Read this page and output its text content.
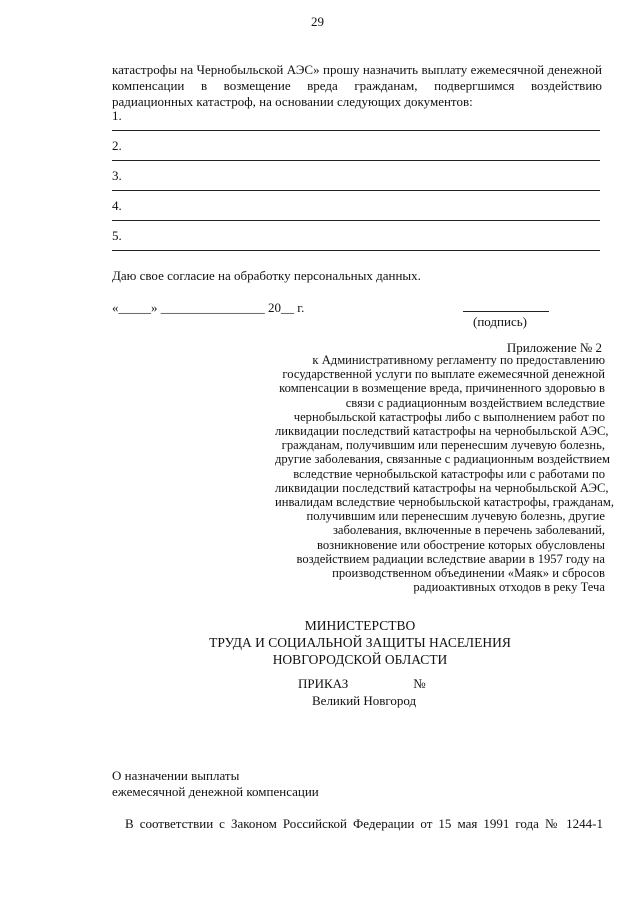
29
катастрофы на Чернобыльской АЭС» прошу назначить выплату ежемесячной денежной
компенсации в возмещение вреда гражданам, подвергшимся воздействию
радиационных катастроф, на основании следующих документов:
1.
2.
3.
4.
5.
Даю свое согласие на обработку персональных данных.
«_____» ________________ 20__ г.
(подпись)
Приложение № 2
к Административному регламенту по предоставлению
государственной услуги по выплате ежемесячной денежной
компенсации в возмещение вреда, причиненного здоровью в
связи с радиационным воздействием вследствие
чернобыльской катастрофы либо с выполнением работ по
ликвидации последствий катастрофы на чернобыльской АЭС,
гражданам, получившим или перенесшим лучевую болезнь,
другие заболевания, связанные с радиационным воздействием
вследствие чернобыльской катастрофы или с работами по
ликвидации последствий катастрофы на чернобыльской АЭС,
инвалидам вследствие чернобыльской катастрофы, гражданам,
получившим или перенесшим лучевую болезнь, другие
заболевания, включенные в перечень заболеваний,
возникновение или обострение которых обусловлены
воздействием радиации вследствие аварии в 1957 году на
производственном объединении «Маяк» и сбросов
радиоактивных отходов в реку Теча
МИНИСТЕРСТВО
ТРУДА И СОЦИАЛЬНОЙ ЗАЩИТЫ НАСЕЛЕНИЯ
НОВГОРОДСКОЙ ОБЛАСТИ
ПРИКАЗ                    №
Великий Новгород
О назначении выплаты
ежемесячной денежной компенсации
В соответствии с Законом Российской Федерации от 15 мая 1991 года № 1244-1
